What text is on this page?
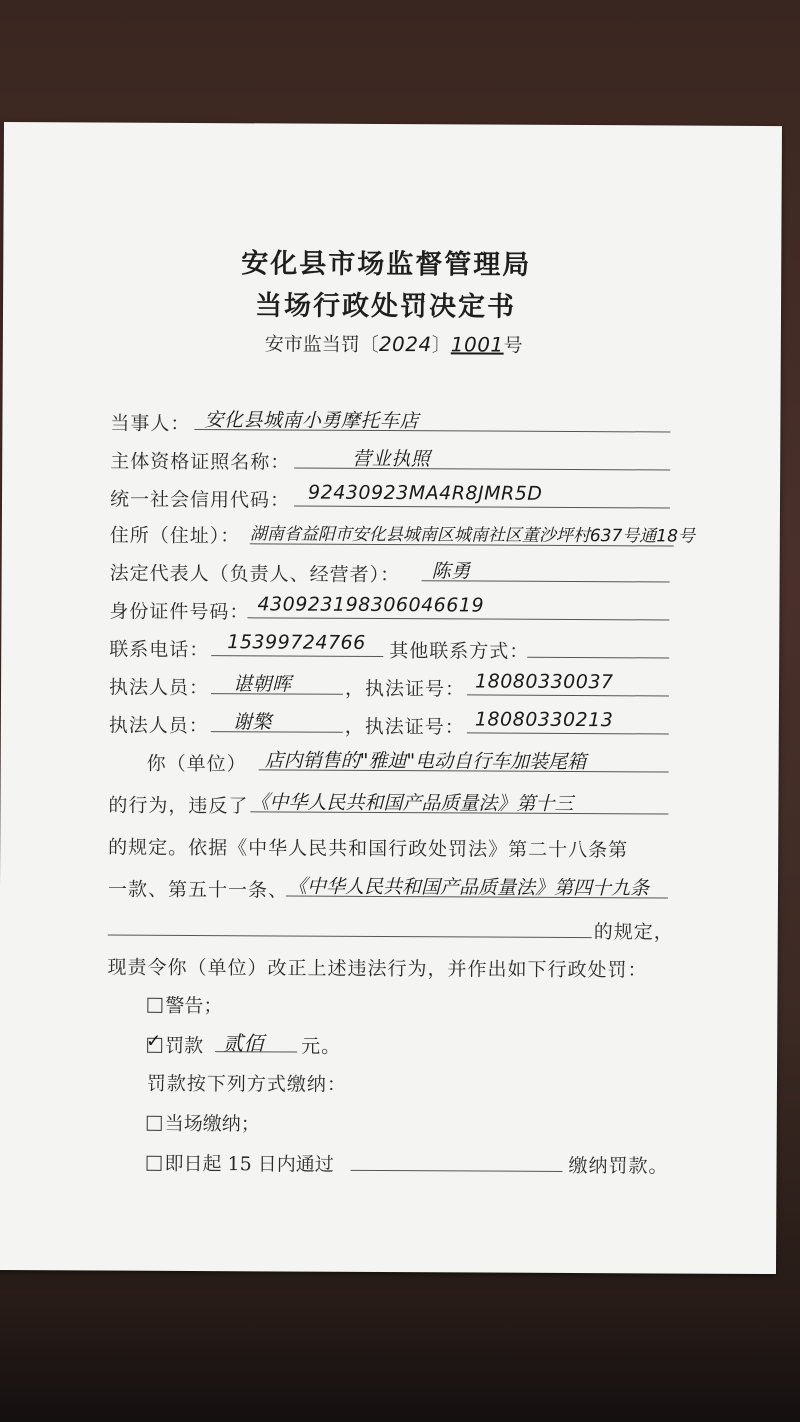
安化县市场监督管理局
当场行政处罚决定书
安市监当罚〔2024〕1001号
当事人： 安化县城南小勇摩托车店
主体资格证照名称：	营业执照
统一社会信用代码： 92430923MA4R8JMR5D
住所（住址）： 湖南省益阳市安化县城南区城南社区董沙坪村637号通18号
法定代表人（负责人、经营者）： 陈勇
身份证件号码： 430923198306046619
联系电话： 15399724766 其他联系方式：
执法人员： 谌朝晖	，执法证号： 18080330037
执法人员： 谢檠	，执法证号： 18080330213
你（单位） 店内销售的"雅迪"电动自行车加装尾箱
的行为，违反了 《中华人民共和国产品质量法》第十三
的规定。依据《中华人民共和国行政处罚法》第二十八条第
一款、第五十一条、 《中华人民共和国产品质量法》第四十九条
的规定，
现责令你（单位）改正上述违法行为，并作出如下行政处罚：
警告；
✓ 罚款 贰佰 元。
罚款按下列方式缴纳：
当场缴纳；
即日起 15 日内通过	缴纳罚款。
